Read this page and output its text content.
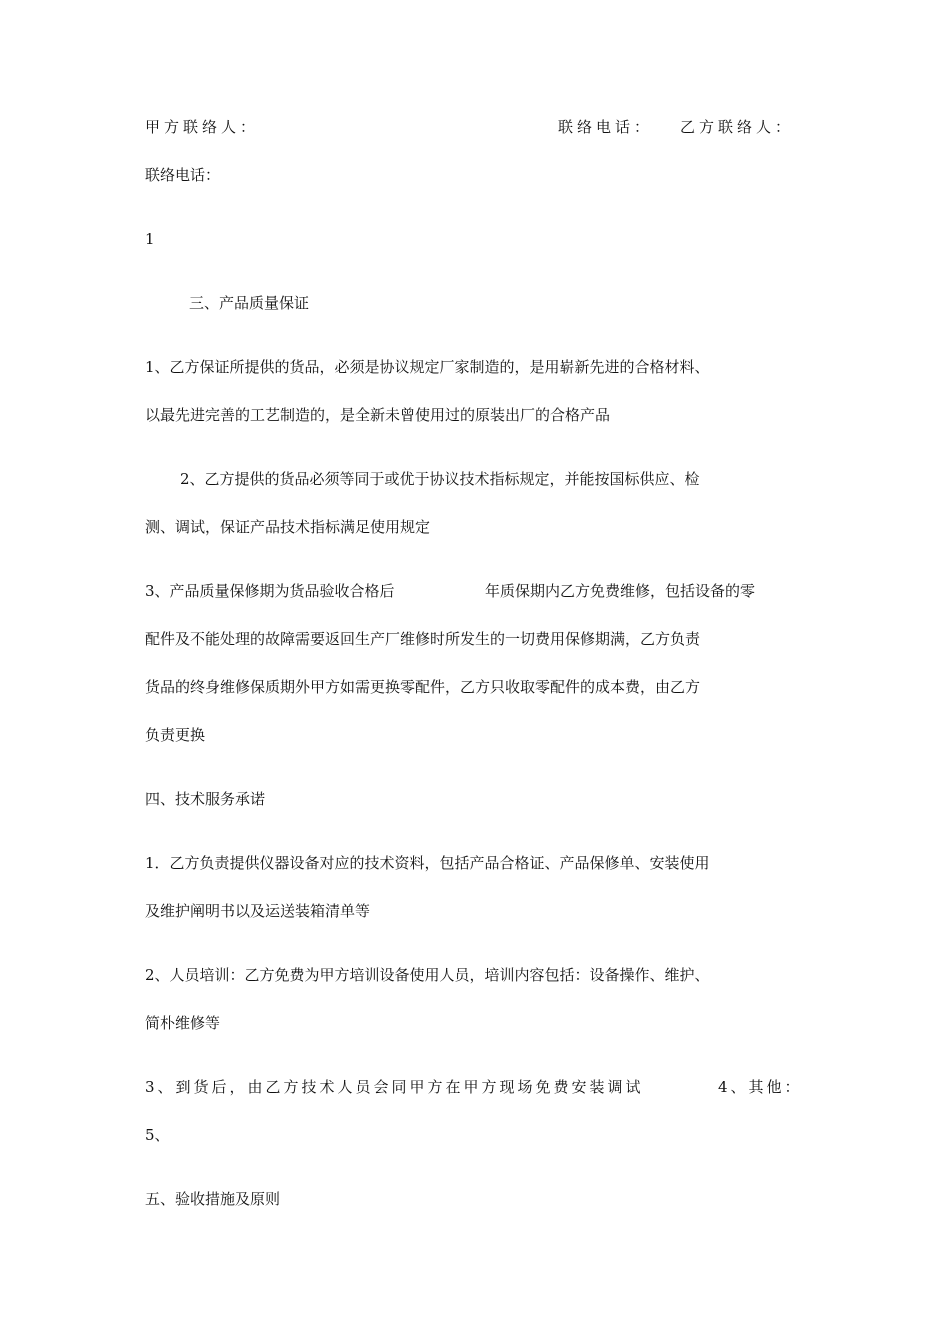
甲方联络人：	联络电话： 乙方联络人：
联络电话：
1
三、产品质量保证
1、乙方保证所提供的货品，必须是协议规定厂家制造的，是用崭新先进的合格材料、
以最先进完善的工艺制造的，是全新未曾使用过的原装出厂的合格产品
2、乙方提供的货品必须等同于或优于协议技术指标规定，并能按国标供应、检
测、调试，保证产品技术指标满足使用规定
3、产品质量保修期为货品验收合格后	年质保期内乙方免费维修，包括设备的零
配件及不能处理的故障需要返回生产厂维修时所发生的一切费用保修期满，乙方负责
货品的终身维修保质期外甲方如需更换零配件，乙方只收取零配件的成本费，由乙方
负责更换
四、技术服务承诺
1．乙方负责提供仪器设备对应的技术资料，包括产品合格证、产品保修单、安装使用
及维护阐明书以及运送装箱清单等
2、人员培训：乙方免费为甲方培训设备使用人员，培训内容包括：设备操作、维护、
简朴维修等
3、到货后，由乙方技术人员会同甲方在甲方现场免费安装调试	4、其他：
5、
五、验收措施及原则
